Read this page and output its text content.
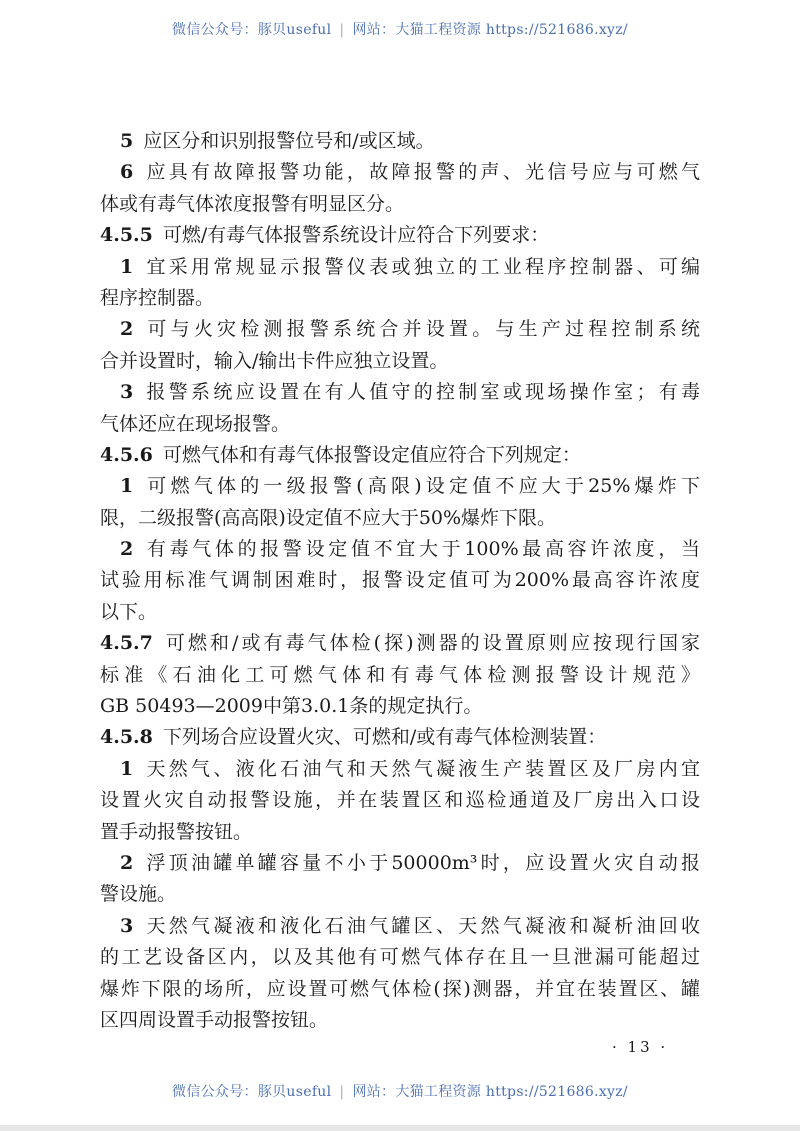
微信公众号：豚贝useful | 网站：大猫工程资源 https://521686.xyz/
5 应区分和识别报警位号和/或区域。
6 应具有故障报警功能，故障报警的声、光信号应与可燃气
体或有毒气体浓度报警有明显区分。
4.5.5 可燃/有毒气体报警系统设计应符合下列要求：
1 宜采用常规显示报警仪表或独立的工业程序控制器、可编
程序控制器。
2 可与火灾检测报警系统合并设置。与生产过程控制系统
合并设置时，输入/输出卡件应独立设置。
3 报警系统应设置在有人值守的控制室或现场操作室；有毒
气体还应在现场报警。
4.5.6 可燃气体和有毒气体报警设定值应符合下列规定：
1 可燃气体的一级报警(高限)设定值不应大于25%爆炸下
限，二级报警(高高限)设定值不应大于50%爆炸下限。
2 有毒气体的报警设定值不宜大于100%最高容许浓度，当
试验用标准气调制困难时，报警设定值可为200%最高容许浓度
以下。
4.5.7 可燃和/或有毒气体检(探)测器的设置原则应按现行国家
标准《石油化工可燃气体和有毒气体检测报警设计规范》
GB 50493—2009中第3.0.1条的规定执行。
4.5.8 下列场合应设置火灾、可燃和/或有毒气体检测装置：
1 天然气、液化石油气和天然气凝液生产装置区及厂房内宜
设置火灾自动报警设施，并在装置区和巡检通道及厂房出入口设
置手动报警按钮。
2 浮顶油罐单罐容量不小于50000m³时，应设置火灾自动报
警设施。
3 天然气凝液和液化石油气罐区、天然气凝液和凝析油回收
的工艺设备区内，以及其他有可燃气体存在且一旦泄漏可能超过
爆炸下限的场所，应设置可燃气体检(探)测器，并宜在装置区、罐
区四周设置手动报警按钮。
· 13 ·
微信公众号：豚贝useful | 网站：大猫工程资源 https://521686.xyz/
